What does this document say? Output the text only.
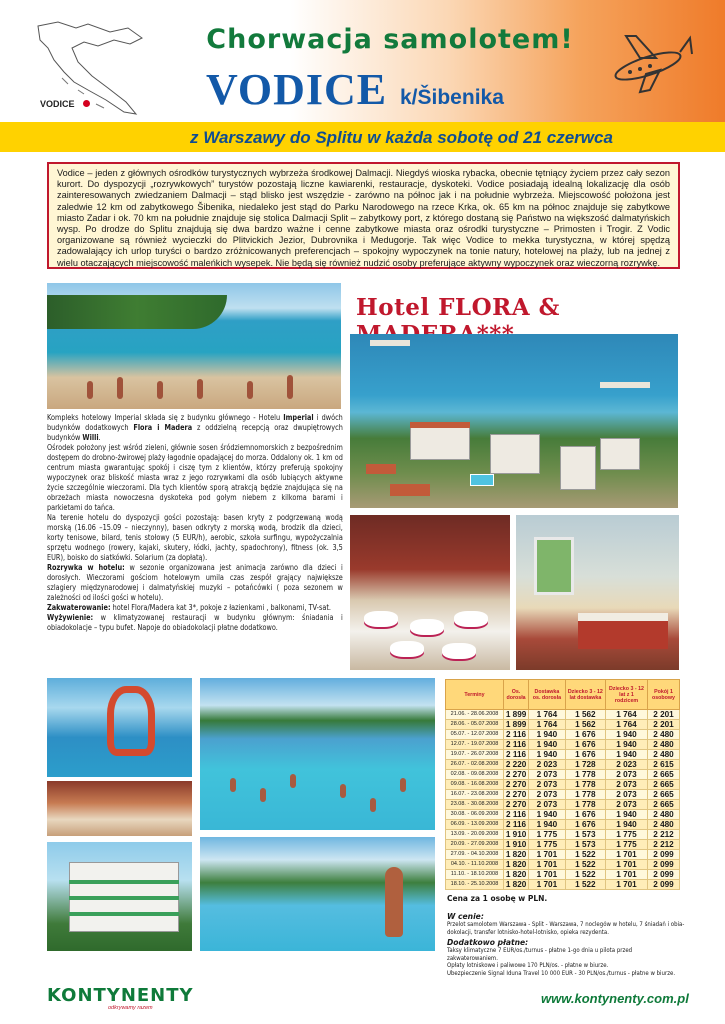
VODICE
Chorwacja samolotem!
VODICE k/Šibenika
z Warszawy do Splitu w każda sobotę od 21 czerwca

Vodice – jeden z głównych ośrodków turystycznych wybrzeża środkowej Dalmacji. Niegdyś wioska rybacka, obecnie tętniący życiem przez cały sezon kurort. Do dyspozycji „rozrywkowych” turystów pozostają liczne kawiarenki, restauracje, dyskoteki. Vodice posiadają idealną lokalizację dla osób zainteresowanych zwiedzaniem Dalmacji – stąd blisko jest wszędzie - zarówno na północ jak i na południe wybrzeża. Miejscowość położona jest zaledwie 12 km od zabytkowego Šibenika, niedaleko jest stąd do Parku Narodowego na rzece Krka, ok. 65 km na północ znajduje się zabytkowe miasto Zadar i ok. 70 km na południe znajduje się stolica Dalmacji Split – zabytkowy port, z którego dostaną się Państwo na większość dalmatyńskich wysp. Po drodze do Splitu znajdują się dwa bardzo ważne i cenne zabytkowe miasta oraz ośrodki turystyczne – Primosten i Trogir. Z Vodic organizowane są również wycieczki do Plitvickich Jezior, Dubrovnika i Medugorje. Tak więc Vodice to mekka turystyczna, w której spędzą zadowalający ich urlop turyści o bardzo zróżnicowanych preferencjach – spokojny wypoczynek na tonie natury, hotelowej na plaży, lub na jednej z wielu otaczających miejscowość maleńkich wysepek. Nie będą się również nudzić osoby preferujące aktywny wypoczynek oraz wieczorną rozrywkę.

Hotel FLORA &

Kompleks hotelowy Imperial składa się z budynku głównego - Hotelu Imperial i dwóch budynków dodatkowych Flora i Madera z oddzielną recepcją oraz dwupiętrowych budynków Willi.

Ośrodek położony jest wśród zieleni, głównie sosen śródziemnomorskich z bezpośrednim dostępem do drobno-żwirowej plaży łagodnie opadającej do morza. Oddalony ok. 1 km od centrum miasta gwarantując spokój i ciszę tym z klientów, którzy preferują spokojny wypoczynek oraz bliskość miasta wraz z jego rozrywkami dla osób lubiących aktywne życie szczególnie wieczorami. Dla tych klientów sporą atrakcją będzie znajdująca się na obrzeżach miasta nowoczesna dyskoteka pod gołym niebem z kilkoma barami i parkietami do tańca.

Na terenie hotelu do dyspozycji gości pozostają: basen kryty z podgrzewaną wodą morską (16.06 –15.09 – nieczynny), basen odkryty z morską wodą, brodzik dla dzieci, korty tenisowe, bilard, tenis stołowy (5 EUR/h), aerobic, szkoła surfingu, wypożyczalnia sprzętu wodnego (rowery, kajaki, skutery, łódki, jachty, spadochrony), fitness (ok. 3,5 EUR), boisko do siatkówki. Solarium (za dopłatą).

Rozrywka w hotelu: w sezonie organizowana jest animacja zarówno dla dzieci i dorosłych. Wieczorami gościom hotelowym umila czas zespół grający największe szlagiery międzynarodowej i dalmatyńskiej muzyki – potańcówki ( poza sezonem w zależności od ilości gości w hotelu).

Zakwaterowanie: hotel Flora/Madera kat 3*, pokoje z łazienkami , balkonami, TV-sat.

Wyżywienie: w klimatyzowanej restauracji w budynku głównym: śniadania i obiadokolacje – typu bufet. Napoje do obiadokolacji płatne dodatkowo.

Terminy	Os. dorosła	Dostawka os. dorosła	Dziecko 3 - 12 lat dostawka	Dziecko 3 - 12 lat z 1 rodzicem	Pokój 1 osobowy
21.06. - 28.06.2008	1 899	1 764	1 562	1 764	2 201
28.06. - 05.07.2008	1 899	1 764	1 562	1 764	2 201
05.07. - 12.07.2008	2 116	1 940	1 676	1 940	2 480
12.07. - 19.07.2008	2 116	1 940	1 676	1 940	2 480
19.07. - 26.07.2008	2 116	1 940	1 676	1 940	2 480
26.07. - 02.08.2008	2 220	2 023	1 728	2 023	2 615
02.08. - 09.08.2008	2 270	2 073	1 778	2 073	2 665
09.08. - 16.08.2008	2 270	2 073	1 778	2 073	2 665
16.07. - 23.08.2008	2 270	2 073	1 778	2 073	2 665
23.08. - 30.08.2008	2 270	2 073	1 778	2 073	2 665
30.08. - 06.09.2008	2 116	1 940	1 676	1 940	2 480
06.09. - 13.09.2008	2 116	1 940	1 676	1 940	2 480
13.09. - 20.09.2008	1 910	1 775	1 573	1 775	2 212
20.09. - 27.09.2008	1 910	1 775	1 573	1 775	2 212
27.09. - 04.10.2008	1 820	1 701	1 522	1 701	2 099
04.10. - 11.10.2008	1 820	1 701	1 522	1 701	2 099
11.10. - 18.10.2008	1 820	1 701	1 522	1 701	2 099
18.10. - 25.10.2008	1 820	1 701	1 522	1 701	2 099
Cena za 1 osobę w PLN.
W cenie:
Przelot samolotem Warszawa - Split - Warszawa, 7 noclegów w hotelu, 7 śniadań i obia-
dokolacji, transfer lotnisko-hotel-lotnisko, opieka rezydenta.
Dodatkowo płatne:
Taksy klimatyczne 7 EUR/os./turnus - płatne 1-go dnia u pilota przed zakwaterowaniem.
Opłaty lotniskowe i paliwowe 170 PLN/os. - płatne w biurze.
Ubezpieczenie Signal Iduna Travel 10 000 EUR - 30 PLN/os./turnus - płatne w biurze.
KONTYNENTY
odkrywamy razem
www.kontynenty.com.pl
